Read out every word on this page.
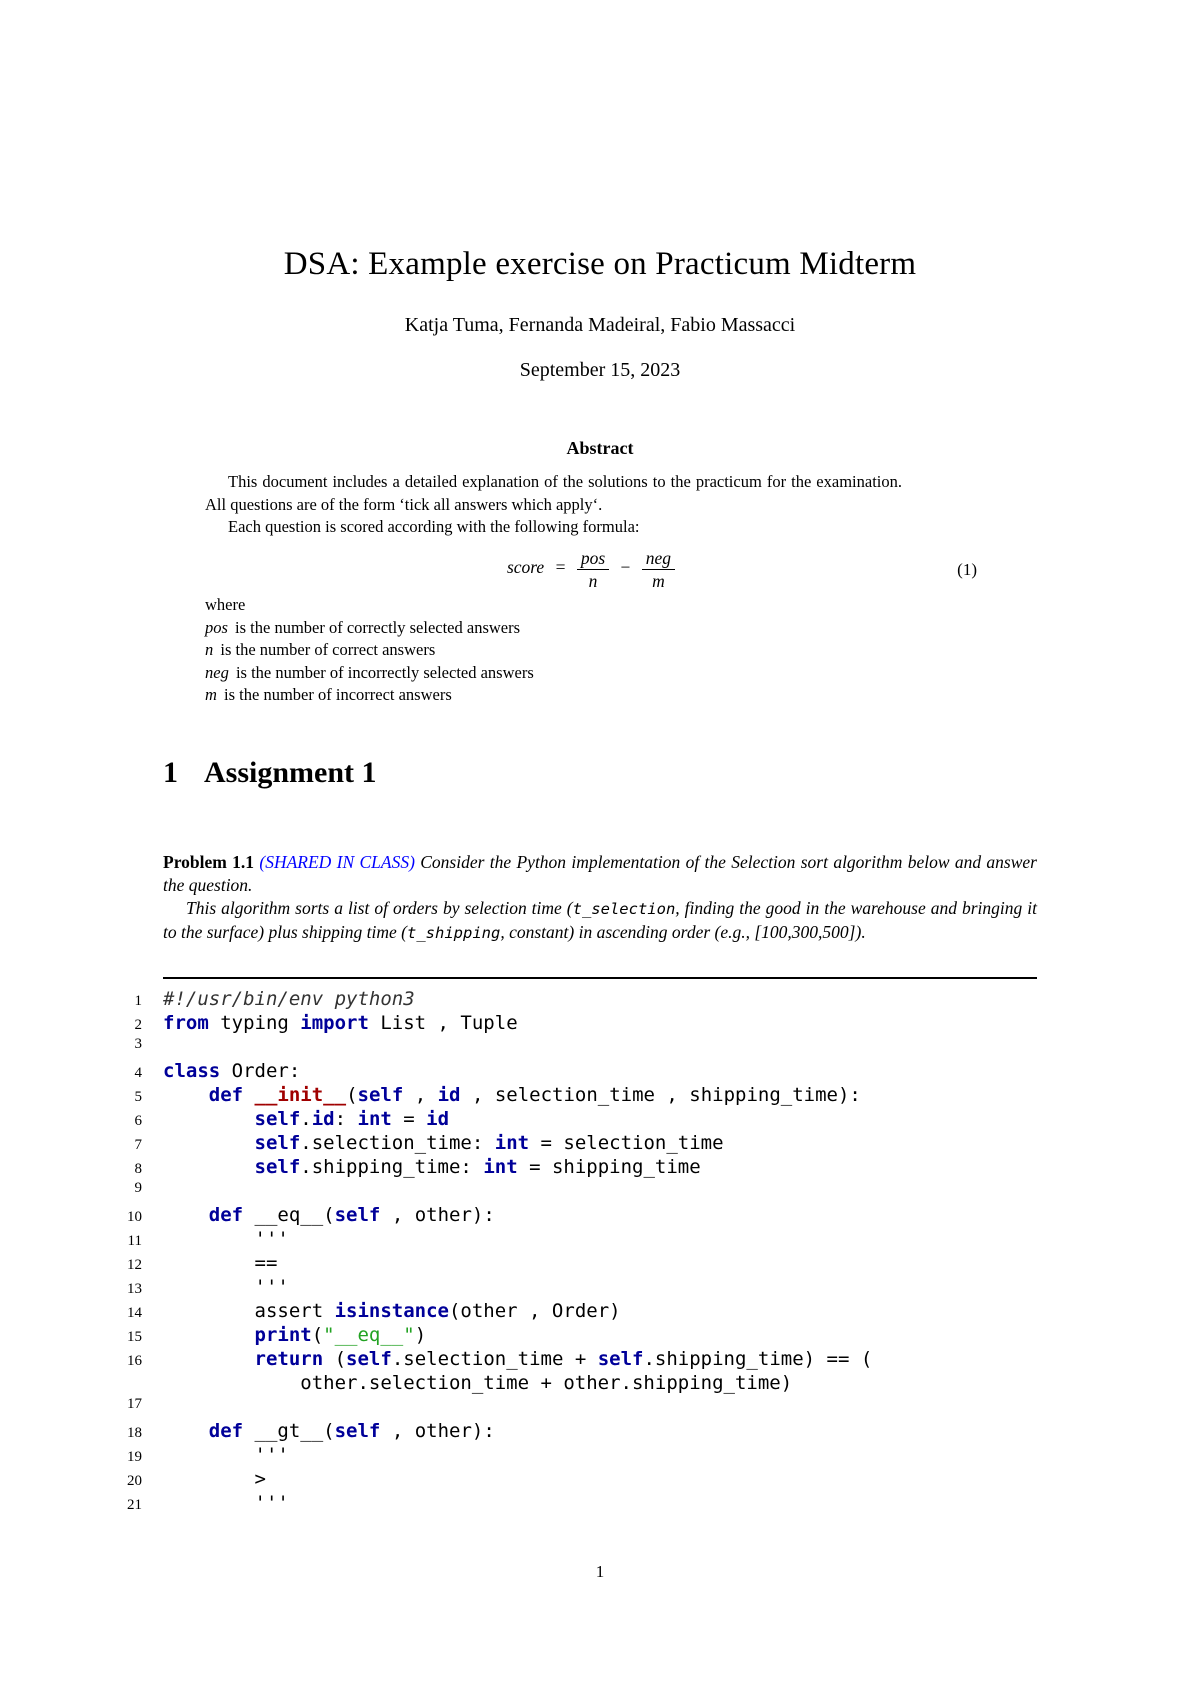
DSA: Example exercise on Practicum Midterm
Katja Tuma, Fernanda Madeiral, Fabio Massacci
September 15, 2023
Abstract

This document includes a detailed explanation of the solutions to the practicum for the examination. All questions are of the form ‘tick all answers which apply‘.

Each question is scored according with the following formula:

score = $\frac{\text{pos}}{n} - \frac{\text{neg}}{m}$	(1)
where
pos is the number of correctly selected answers
n is the number of correct answers
neg is the number of incorrectly selected answers
m is the number of incorrect answers
1 Assignment 1

Problem 1.1 (SHARED IN CLASS) Consider the Python implementation of the Selection sort algorithm below and answer the question.

This algorithm sorts a list of orders by selection time (t_selection, finding the good in the warehouse and bringing it to the surface) plus shipping time (t_shipping, constant) in ascending order (e.g., [100,300,500]).

1 #!/usr/bin/env python3
2 from typing import List , Tuple
3
4 class Order:
5	def __init__(self , id , selection_time , shipping_time):
6	self.id: int = id
7	self.selection_time: int = selection_time
8	self.shipping_time: int = shipping_time
9
10	def __eq__(self , other):
11 '''
12 ==
13 '''
14 assert isinstance(other , Order)
15	print("__eq__")
16	return (self.selection_time + self.shipping_time) == (
other.selection_time + other.shipping_time)
17
18	def __gt__(self , other):
19 '''
20 >
21 '''
1
